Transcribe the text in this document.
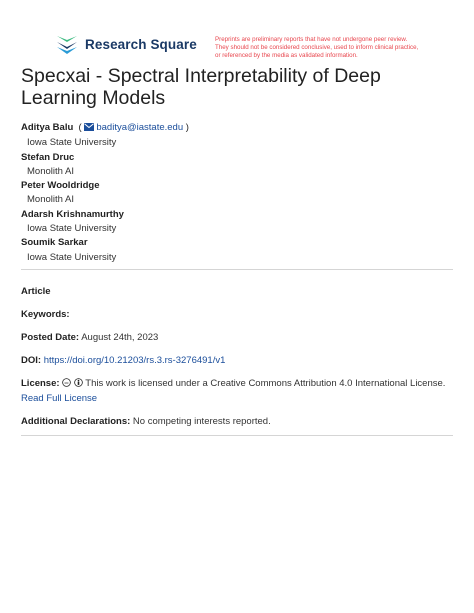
Research Square	Preprints are preliminary reports that have not undergone peer review.
They should not be considered conclusive, used to inform clinical practice,
or referenced by the media as validated information.
Specxai - Spectral Interpretability of Deep Learning Models
Aditya Balu ( baditya@iastate.edu )
Iowa State University
Stefan Druc
Monolith AI
Peter Wooldridge
Monolith AI
Adarsh Krishnamurthy
Iowa State University
Soumik Sarkar
Iowa State University
Article
Keywords:
Posted Date: August 24th, 2023
DOI: https://doi.org/10.21203/rs.3.rs-3276491/v1
License: cc This work is licensed under a Creative Commons Attribution 4.0 International License.
Read Full License
Additional Declarations: No competing interests reported.
